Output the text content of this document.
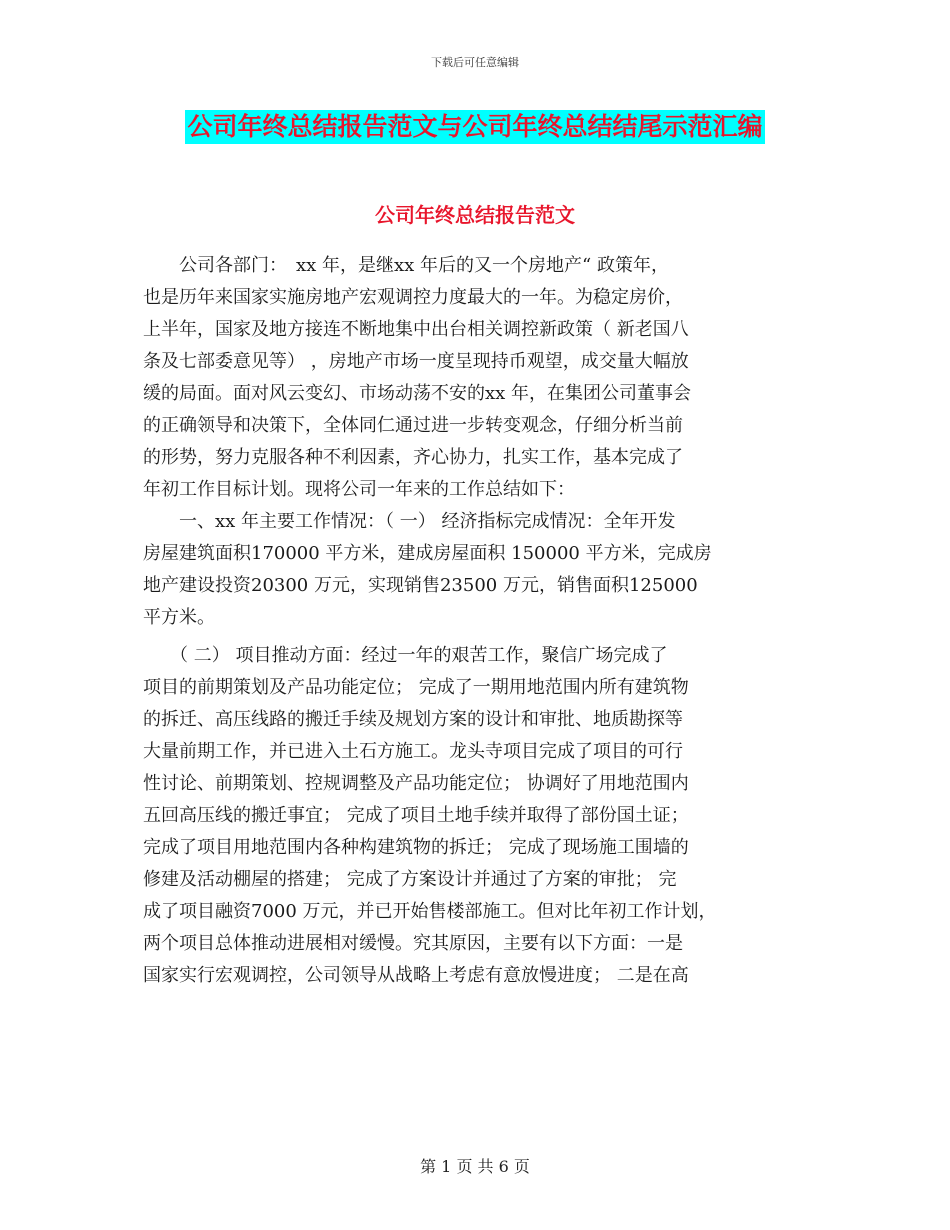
下载后可任意编辑
公司年终总结报告范文与公司年终总结结尾示范汇编
公司年终总结报告范文
　　公司各部门：　xx 年，是继xx 年后的又一个房地产“ 政策年，
也是历年来国家实施房地产宏观调控力度最大的一年。为稳定房价，
上半年，国家及地方接连不断地集中出台相关调控新政策（ 新老国八
条及七部委意见等） ，房地产市场一度呈现持币观望，成交量大幅放
缓的局面。面对风云变幻、市场动荡不安的xx 年，在集团公司董事会
的正确领导和决策下，全体同仁通过进一步转变观念，仔细分析当前
的形势，努力克服各种不利因素，齐心协力，扎实工作，基本完成了
年初工作目标计划。现将公司一年来的工作总结如下：
　　一、xx 年主要工作情况：（ 一） 经济指标完成情况：全年开发
房屋建筑面积170000 平方米，建成房屋面积 150000 平方米，完成房
地产建设投资20300 万元，实现销售23500 万元，销售面积125000
平方米。
　　（ 二） 项目推动方面：经过一年的艰苦工作，聚信广场完成了
项目的前期策划及产品功能定位； 完成了一期用地范围内所有建筑物
的拆迁、高压线路的搬迁手续及规划方案的设计和审批、地质勘探等
大量前期工作，并已进入土石方施工。龙头寺项目完成了项目的可行
性讨论、前期策划、控规调整及产品功能定位； 协调好了用地范围内
五回高压线的搬迁事宜； 完成了项目土地手续并取得了部份国土证；
完成了项目用地范围内各种构建筑物的拆迁； 完成了现场施工围墙的
修建及活动棚屋的搭建； 完成了方案设计并通过了方案的审批； 完
成了项目融资7000 万元，并已开始售楼部施工。但对比年初工作计划，
两个项目总体推动进展相对缓慢。究其原因，主要有以下方面：一是
国家实行宏观调控，公司领导从战略上考虑有意放慢进度； 二是在高
第 1 页 共 6 页
